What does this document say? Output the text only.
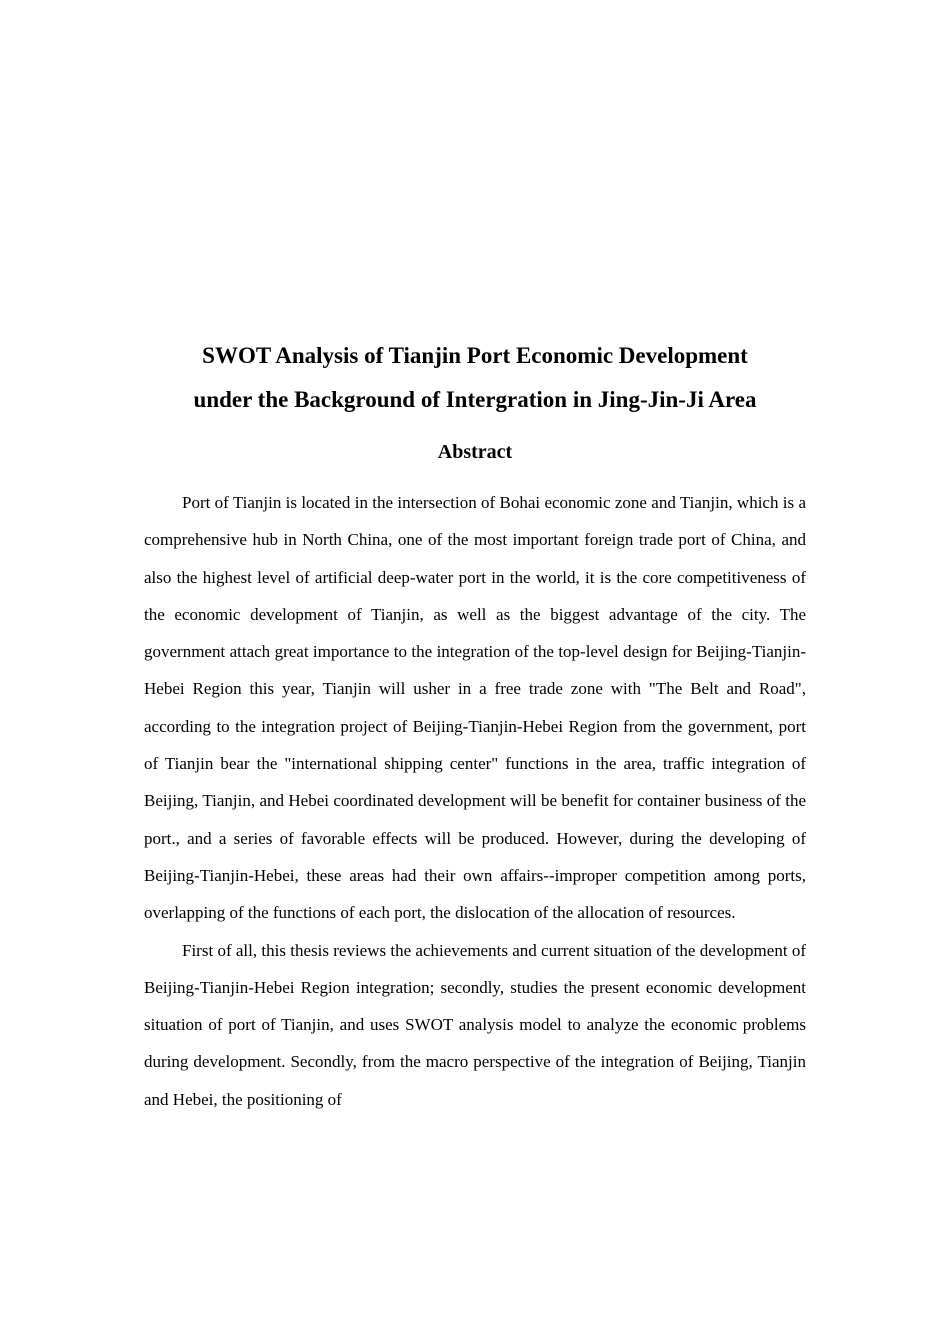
SWOT Analysis of Tianjin Port Economic Development
under the Background of Intergration in Jing-Jin-Ji Area
Abstract

Port of Tianjin is located in the intersection of Bohai economic zone and Tianjin, which is a comprehensive hub in North China, one of the most important foreign trade port of China, and also the highest level of artificial deep-water port in the world, it is the core competitiveness of the economic development of Tianjin, as well as the biggest advantage of the city. The government attach great importance to the integration of the top-level design for Beijing-Tianjin-Hebei Region this year, Tianjin will usher in a free trade zone with "The Belt and Road", according to the integration project of Beijing-Tianjin-Hebei Region from the government, port of Tianjin bear the "international shipping center" functions in the area, traffic integration of Beijing, Tianjin, and Hebei coordinated development will be benefit for container business of the port., and a series of favorable effects will be produced. However, during the developing of Beijing-Tianjin-Hebei, these areas had their own affairs--improper competition among ports, overlapping of the functions of each port, the dislocation of the allocation of resources.

First of all, this thesis reviews the achievements and current situation of the development of Beijing-Tianjin-Hebei Region integration; secondly, studies the present economic development situation of port of Tianjin, and uses SWOT analysis model to analyze the economic problems during development. Secondly, from the macro perspective of the integration of Beijing, Tianjin and Hebei, the positioning of
